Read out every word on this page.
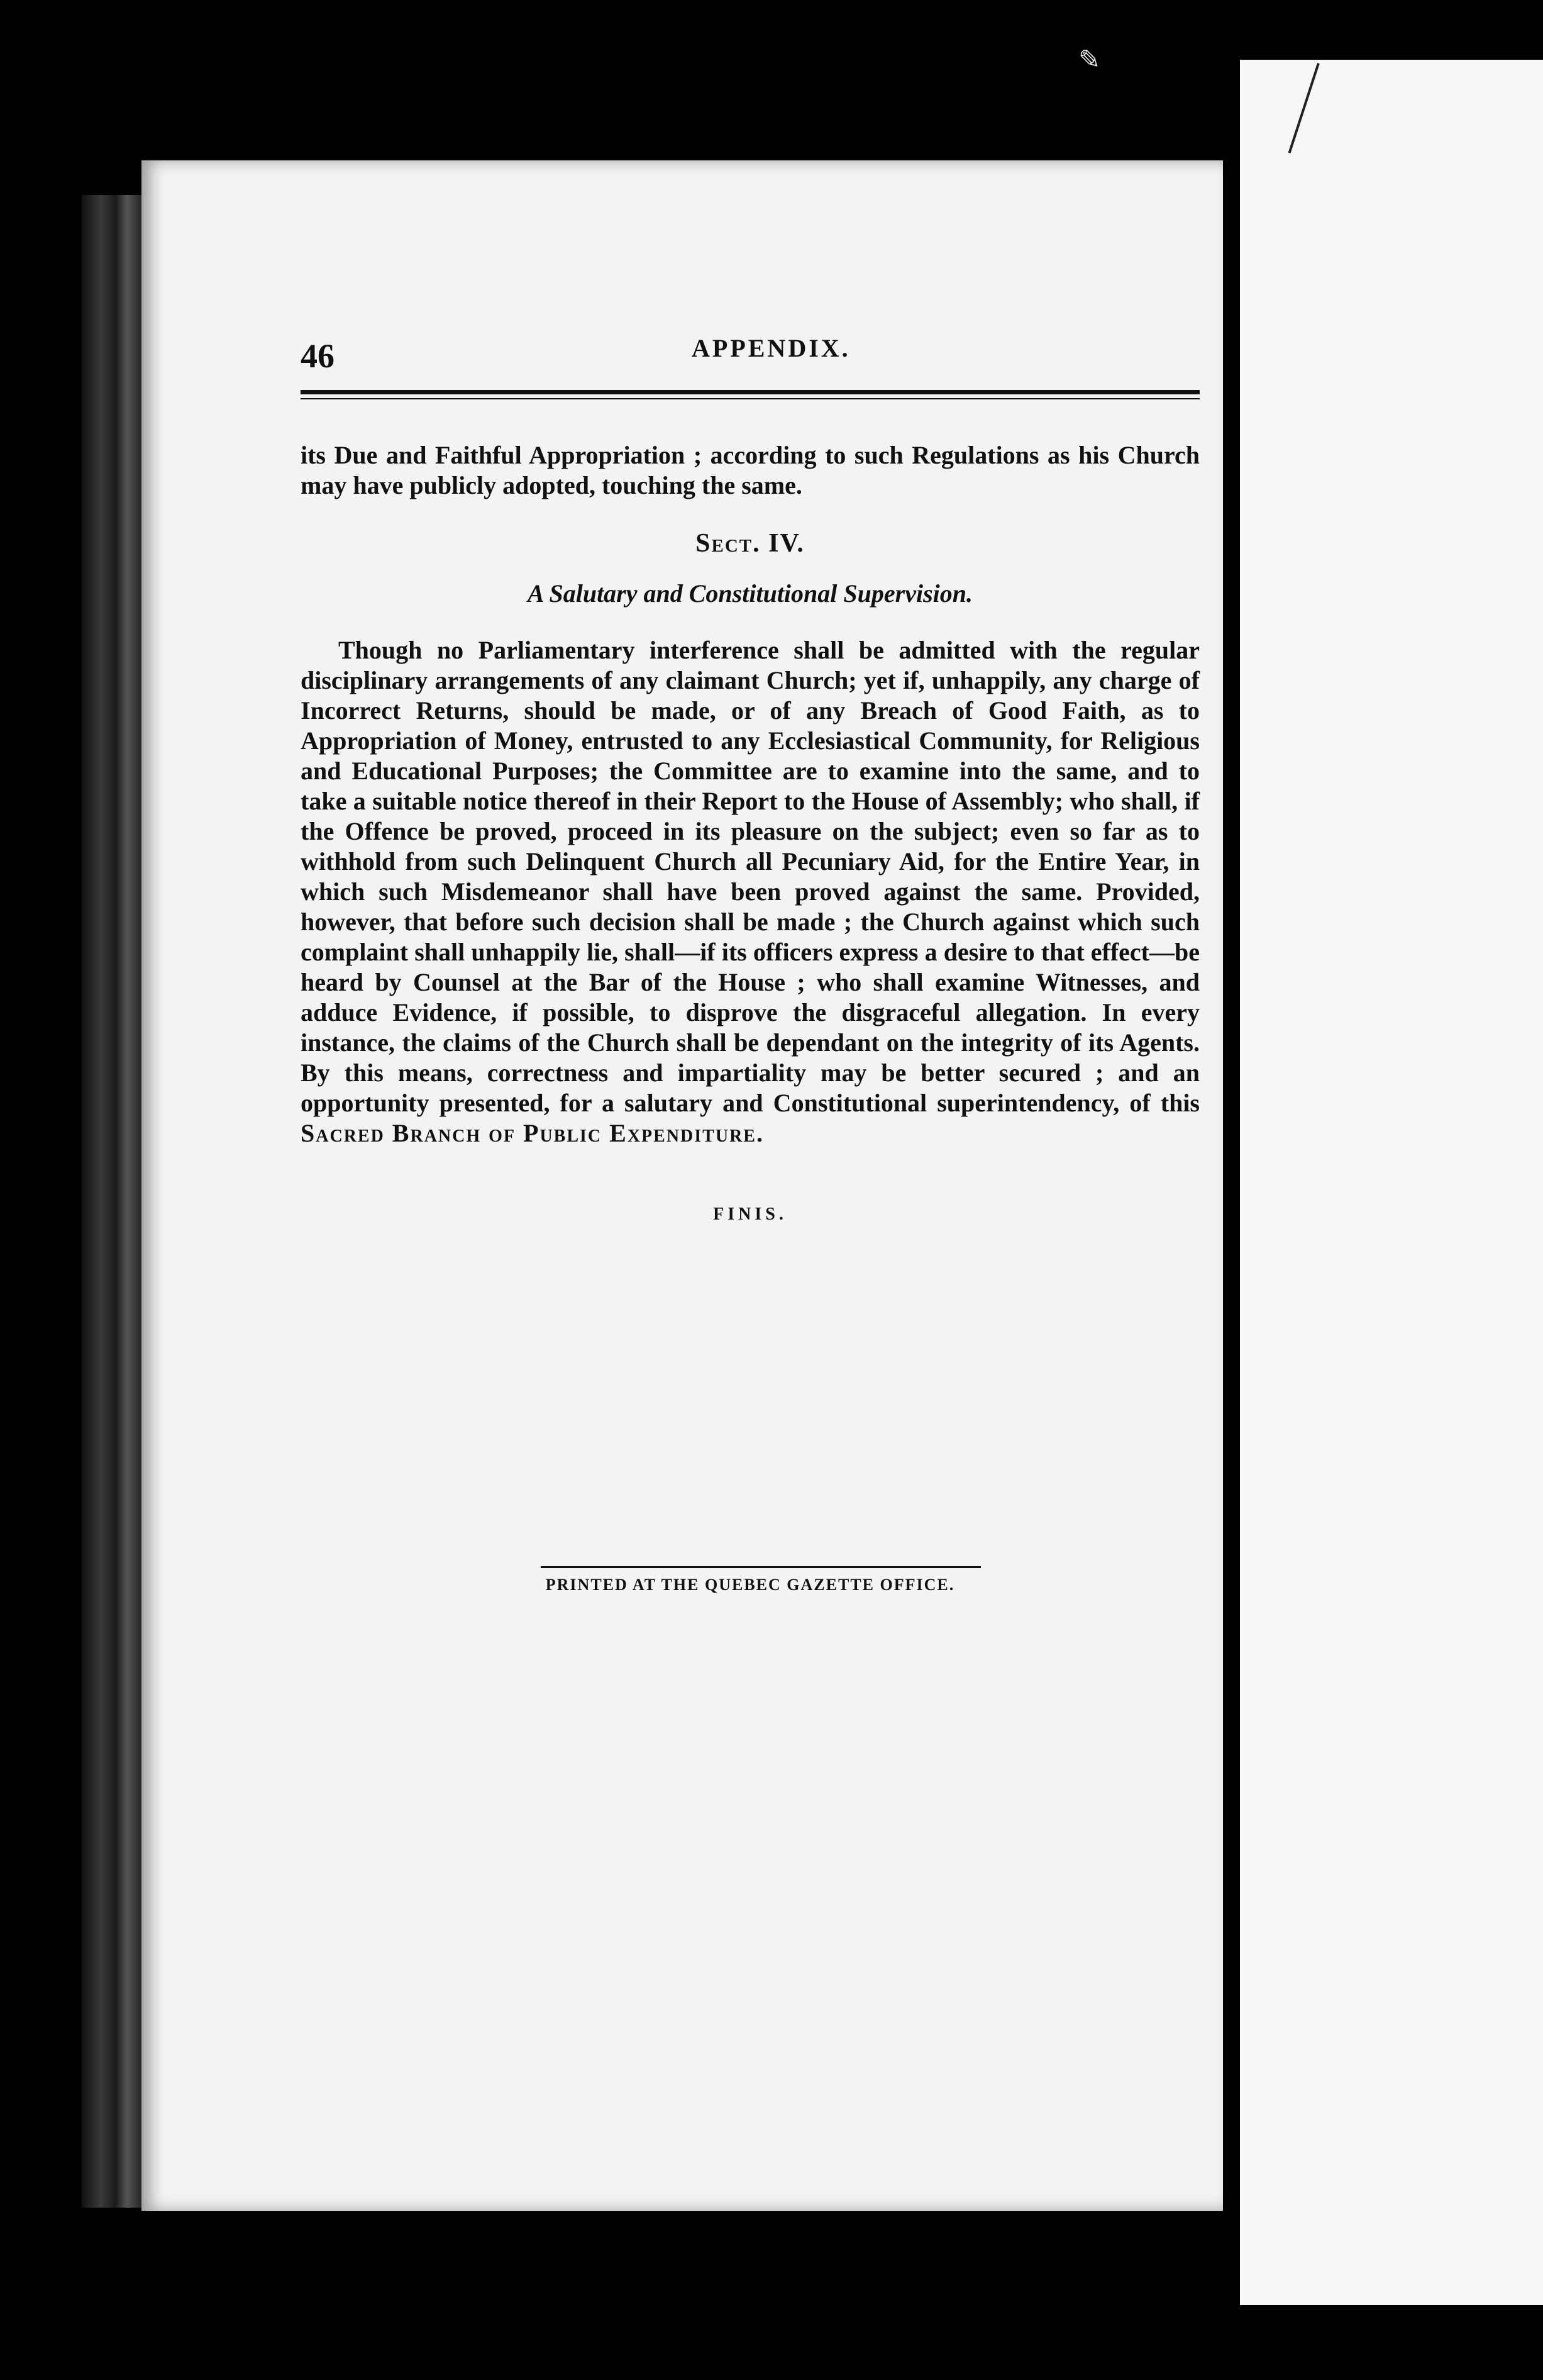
✎
46	APPENDIX.
its Due and Faithful Appropriation ; according to such Regulations as his Church may have publicly adopted, touching the same.
Sect. IV.
A Salutary and Constitutional Supervision.
Though no Parliamentary interference shall be admitted with the regular disciplinary arrangements of any claimant Church; yet if, unhappily, any charge of Incorrect Returns, should be made, or of any Breach of Good Faith, as to Appropriation of Money, entrusted to any Ecclesiastical Community, for Religious and Educational Purposes; the Committee are to examine into the same, and to take a suitable notice thereof in their Report to the House of Assembly; who shall, if the Offence be proved, proceed in its pleasure on the subject; even so far as to withhold from such Delinquent Church all Pecuniary Aid, for the Entire Year, in which such Misdemeanor shall have been proved against the same. Provided, however, that before such decision shall be made ; the Church against which such complaint shall unhappily lie, shall—if its officers express a desire to that effect—be heard by Counsel at the Bar of the House ; who shall examine Witnesses, and adduce Evidence, if possible, to disprove the disgraceful allegation. In every instance, the claims of the Church shall be dependant on the integrity of its Agents. By this means, correctness and impartiality may be better secured ; and an opportunity presented, for a salutary and Constitutional superintendency, of this Sacred Branch of Public Expenditure.
FINIS.
PRINTED AT THE QUEBEC GAZETTE OFFICE.
